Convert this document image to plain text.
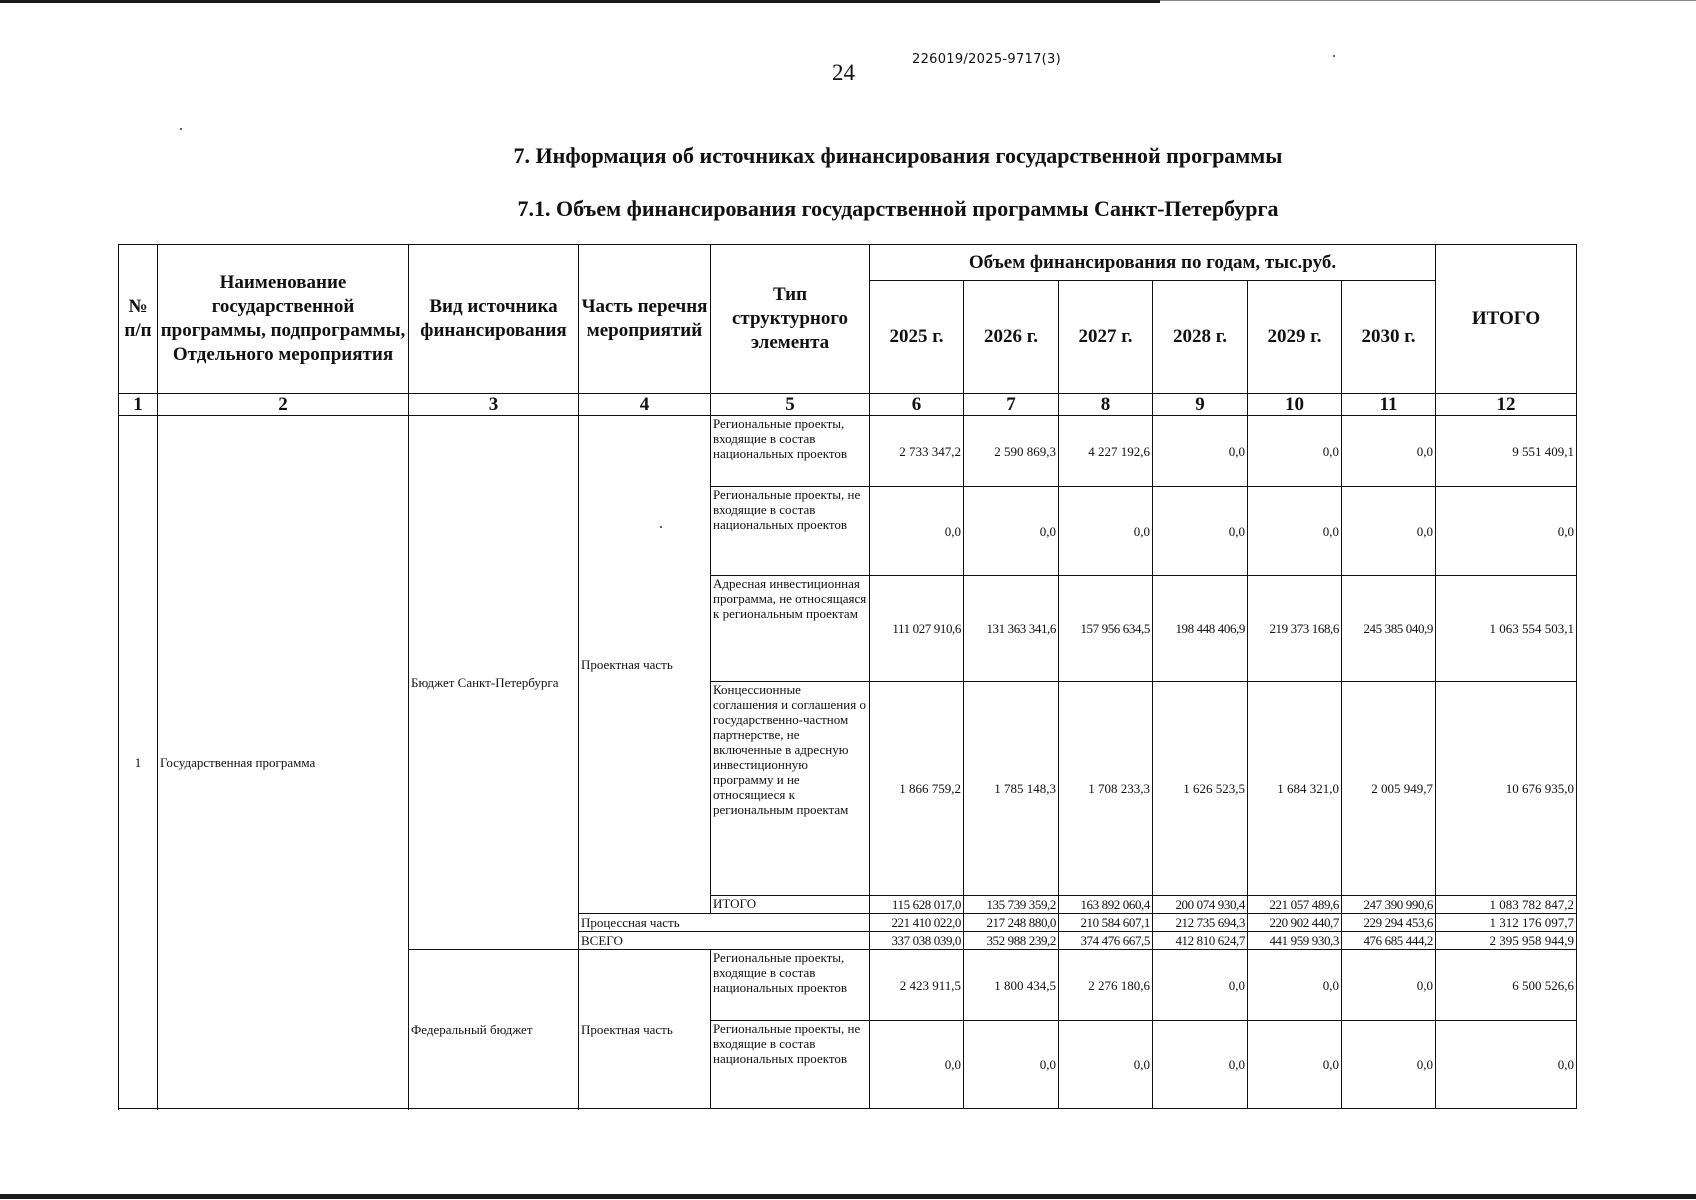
24
226019/2025-9717(3)
7. Информация об источниках финансирования государственной программы
7.1. Объем финансирования государственной программы Санкт-Петербурга
№ п/п	Наименование государственной программы, подпрограммы, Отдельного мероприятия	Вид источника финансирования	Часть перечня мероприятий	Тип структурного элемента	Объем финансирования по годам, тыс.руб.						ИТОГО
					2025 г.	2026 г.	2027 г.	2028 г.	2029 г.	2030 г.	
1	2	3	4	5	6	7	8	9	10	11	12
1	Государственная программа	Бюджет Санкт-Петербурга	Проектная часть	Региональные проекты, входящие в состав национальных проектов	2 733 347,2	2 590 869,3	4 227 192,6	0,0	0,0	0,0	9 551 409,1
				Региональные проекты, не входящие в состав национальных проектов	0,0	0,0	0,0	0,0	0,0	0,0	0,0
				Адресная инвестиционная программа, не относящаяся к региональным проектам	111 027 910,6	131 363 341,6	157 956 634,5	198 448 406,9	219 373 168,6	245 385 040,9	1 063 554 503,1
				Концессионные соглашения и соглашения о государственно-частном партнерстве, не включенные в адресную инвестиционную программу и не относящиеся к региональным проектам	1 866 759,2	1 785 148,3	1 708 233,3	1 626 523,5	1 684 321,0	2 005 949,7	10 676 935,0
				ИТОГО	115 628 017,0	135 739 359,2	163 892 060,4	200 074 930,4	221 057 489,6	247 390 990,6	1 083 782 847,2
			Процессная часть		221 410 022,0	217 248 880,0	210 584 607,1	212 735 694,3	220 902 440,7	229 294 453,6	1 312 176 097,7
			ВСЕГО		337 038 039,0	352 988 239,2	374 476 667,5	412 810 624,7	441 959 930,3	476 685 444,2	2 395 958 944,9
		Федеральный бюджет	Проектная часть	Региональные проекты, входящие в состав национальных проектов	2 423 911,5	1 800 434,5	2 276 180,6	0,0	0,0	0,0	6 500 526,6
				Региональные проекты, не входящие в состав национальных проектов	0,0	0,0	0,0	0,0	0,0	0,0	0,0
